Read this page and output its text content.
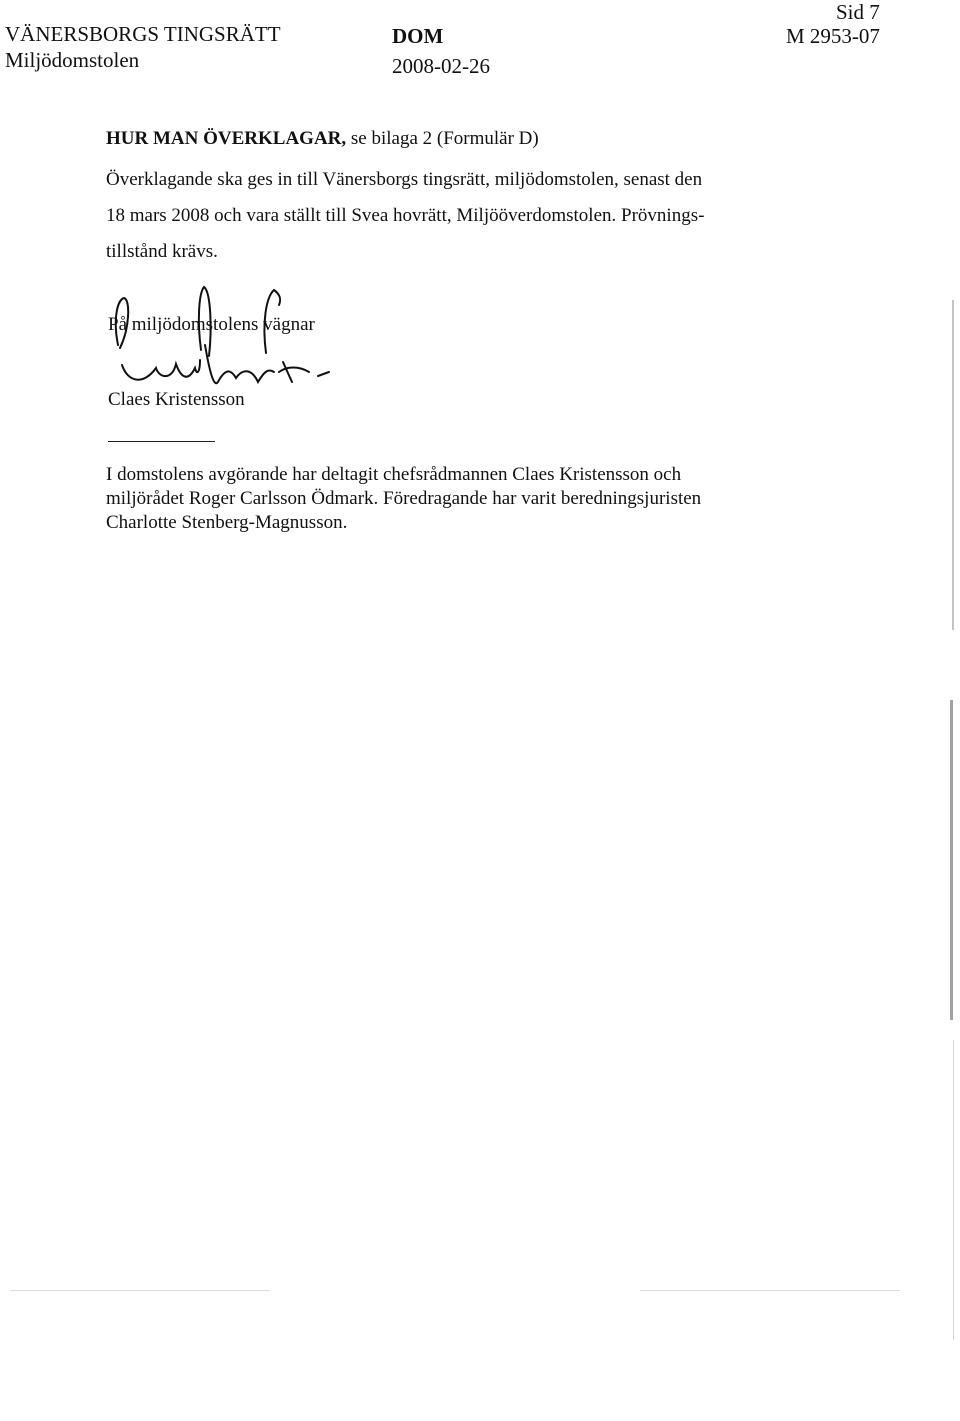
VÄNERSBORGS TINGSRÄTT
Miljödomstolen
DOM
2008-02-26
Sid 7
M 2953-07
HUR MAN ÖVERKLAGAR, se bilaga 2 (Formulär D)
Överklagande ska ges in till Vänersborgs tingsrätt, miljödomstolen, senast den
18 mars 2008 och vara ställt till Svea hovrätt, Miljööverdomstolen. Prövnings-
tillstånd krävs.
På miljödomstolens vägnar
Claes Kristensson
I domstolens avgörande har deltagit chefsrådmannen Claes Kristensson och
miljörådet Roger Carlsson Ödmark. Föredragande har varit beredningsjuristen
Charlotte Stenberg-Magnusson.
